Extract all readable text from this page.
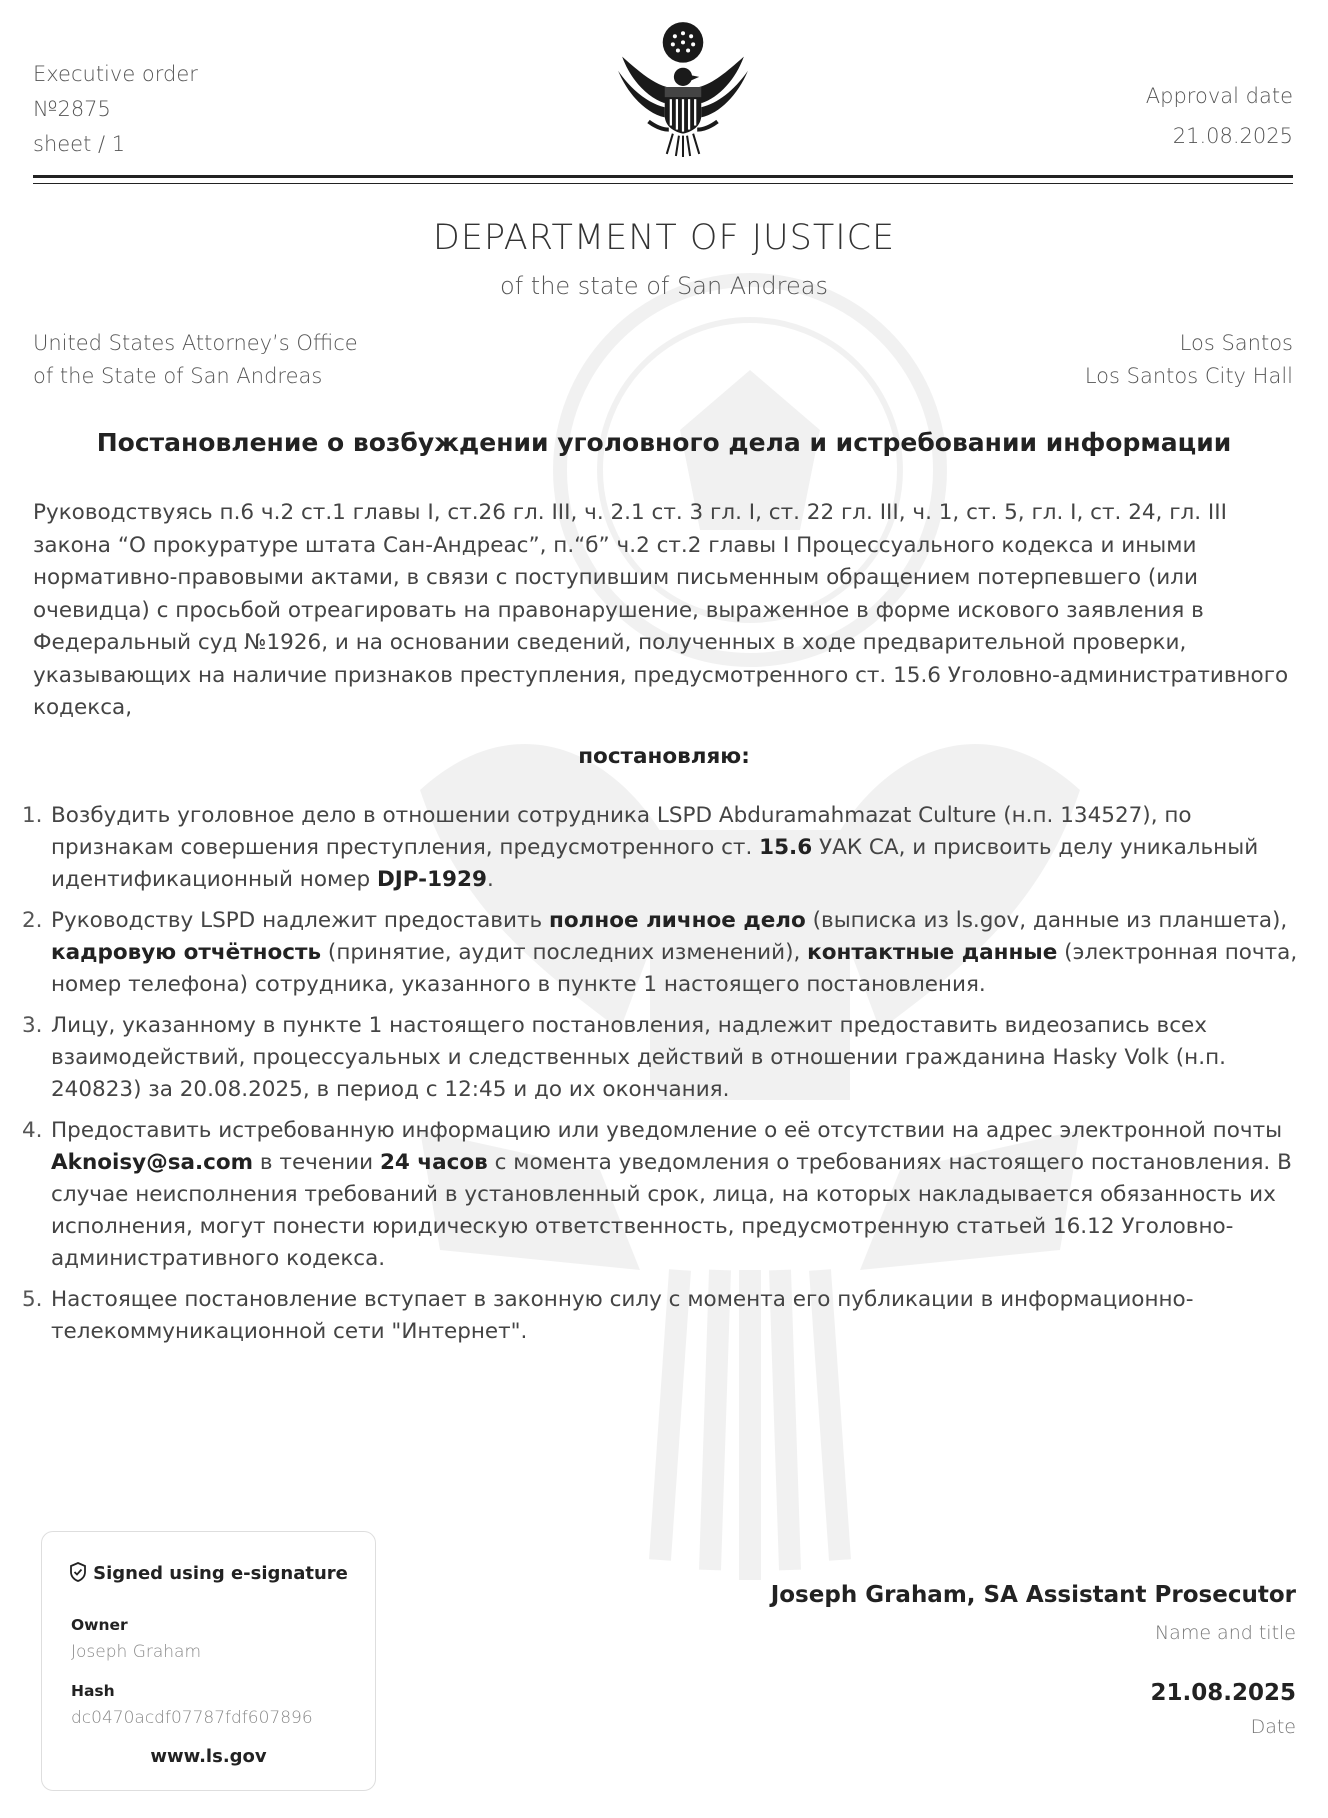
Executive order
№2875
sheet / 1
Approval date
21.08.2025
DEPARTMENT OF JUSTICE
of the state of San Andreas
United States Attorney’s Office
of the State of San Andreas
Los Santos
Los Santos City Hall
Постановление о возбуждении уголовного дела и истребовании информации
Руководствуясь п.6 ч.2 ст.1 главы I, ст.26 гл. III, ч. 2.1 ст. 3 гл. I, ст. 22 гл. III, ч. 1, ст. 5, гл. I, ст. 24, гл. III закона “О прокуратуре штата Сан-Андреас”, п.“б” ч.2 ст.2 главы I Процессуального кодекса и иными нормативно-правовыми актами, в связи с поступившим письменным обращением потерпевшего (или очевидца) с просьбой отреагировать на правонарушение, выраженное в форме искового заявления в Федеральный суд №1926, и на основании сведений, полученных в ходе предварительной проверки, указывающих на наличие признаков преступления, предусмотренного ст. 15.6 Уголовно-административного кодекса,
постановляю:
1. Возбудить уголовное дело в отношении сотрудника LSPD Abduramahmazat Culture (н.п. 134527), по признакам совершения преступления, предусмотренного ст. 15.6 УАК СА, и присвоить делу уникальный идентификационный номер DJP-1929.
2. Руководству LSPD надлежит предоставить полное личное дело (выписка из ls.gov, данные из планшета), кадровую отчётность (принятие, аудит последних изменений), контактные данные (электронная почта, номер телефона) сотрудника, указанного в пункте 1 настоящего постановления.
3. Лицу, указанному в пункте 1 настоящего постановления, надлежит предоставить видеозапись всех взаимодействий, процессуальных и следственных действий в отношении гражданина Hasky Volk (н.п. 240823) за 20.08.2025, в период с 12:45 и до их окончания.
4. Предоставить истребованную информацию или уведомление о её отсутствии на адрес электронной почты Aknoisy@sa.com в течении 24 часов с момента уведомления о требованиях настоящего постановления. В случае неисполнения требований в установленный срок, лица, на которых накладывается обязанность их исполнения, могут понести юридическую ответственность, предусмотренную статьей 16.12 Уголовно-административного кодекса.
5. Настоящее постановление вступает в законную силу с момента его публикации в информационно-телекоммуникационной сети "Интернет".
Signed using e-signature
Owner
Joseph Graham
Hash
dc0470acdf07787fdf607896
www.ls.gov
Joseph Graham, SA Assistant Prosecutor
Name and title
21.08.2025
Date
